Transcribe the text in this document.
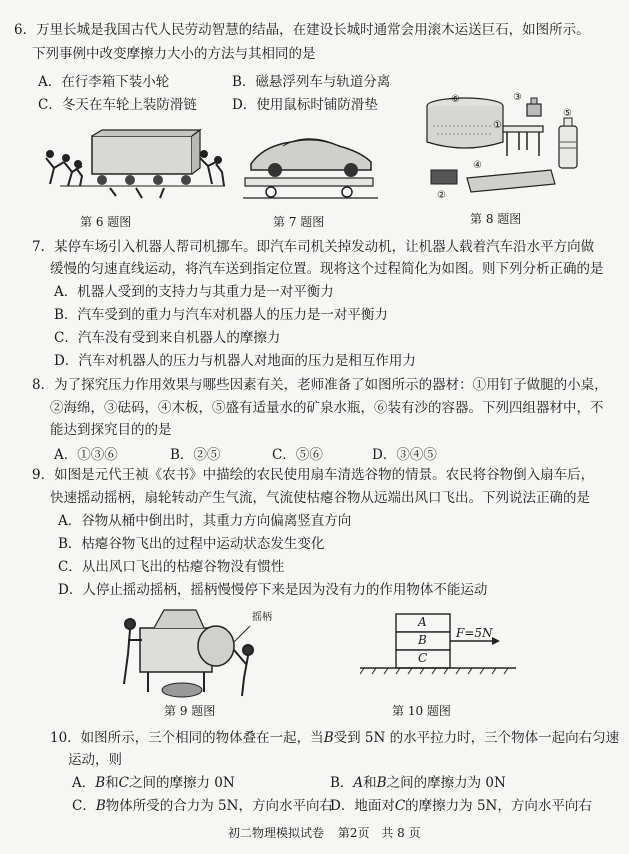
6．万里长城是我国古代人民劳动智慧的结晶，在建设长城时通常会用滚木运送巨石，如图所示。
下列事例中改变摩擦力大小的方法与其相同的是
A．在行李箱下装小轮	B．磁悬浮列车与轨道分离
C．冬天在车轮上装防滑链	D．使用鼠标时铺防滑垫
第 6 题图	第 7 题图
⑥	③
①
⑤
④
②
第 8 题图
7．某停车场引入机器人帮司机挪车。即汽车司机关掉发动机，让机器人载着汽车沿水平方向做
缓慢的匀速直线运动，将汽车送到指定位置。现将这个过程简化为如图。则下列分析正确的是
A．机器人受到的支持力与其重力是一对平衡力
B．汽车受到的重力与汽车对机器人的压力是一对平衡力
C．汽车没有受到来自机器人的摩擦力
D．汽车对机器人的压力与机器人对地面的压力是相互作用力
8．为了探究压力作用效果与哪些因素有关，老师准备了如图所示的器材：①用钉子做腿的小桌，
②海绵，③砝码，④木板，⑤盛有适量水的矿泉水瓶，⑥装有沙的容器。下列四组器材中，不
能达到探究目的的是
A．①③⑥	B．②⑤	C．⑤⑥	D．③④⑤
9．如图是元代王祯《农书》中描绘的农民使用扇车清选谷物的情景。农民将谷物倒入扇车后，
快速摇动摇柄，扇轮转动产生气流，气流使枯瘪谷物从远端出风口飞出。下列说法正确的是
A．谷物从桶中倒出时，其重力方向偏离竖直方向
B．枯瘪谷物飞出的过程中运动状态发生变化
C．从出风口飞出的枯瘪谷物没有惯性
D．人停止摇动摇柄，摇柄慢慢停下来是因为没有力的作用物体不能运动
摇柄
第 9 题图
A
B
C
F=5N
第 10 题图
10．如图所示，三个相同的物体叠在一起，当B受到 5N 的水平拉力时，三个物体一起向右匀速
运动，则
A．B和C之间的摩擦力 0N	B．A和B之间的摩擦力为 0N
C．B物体所受的合力为 5N，方向水平向右
D．地面对C的摩擦力为 5N，方向水平向右
初二物理模拟试卷 第2页 共 8 页
